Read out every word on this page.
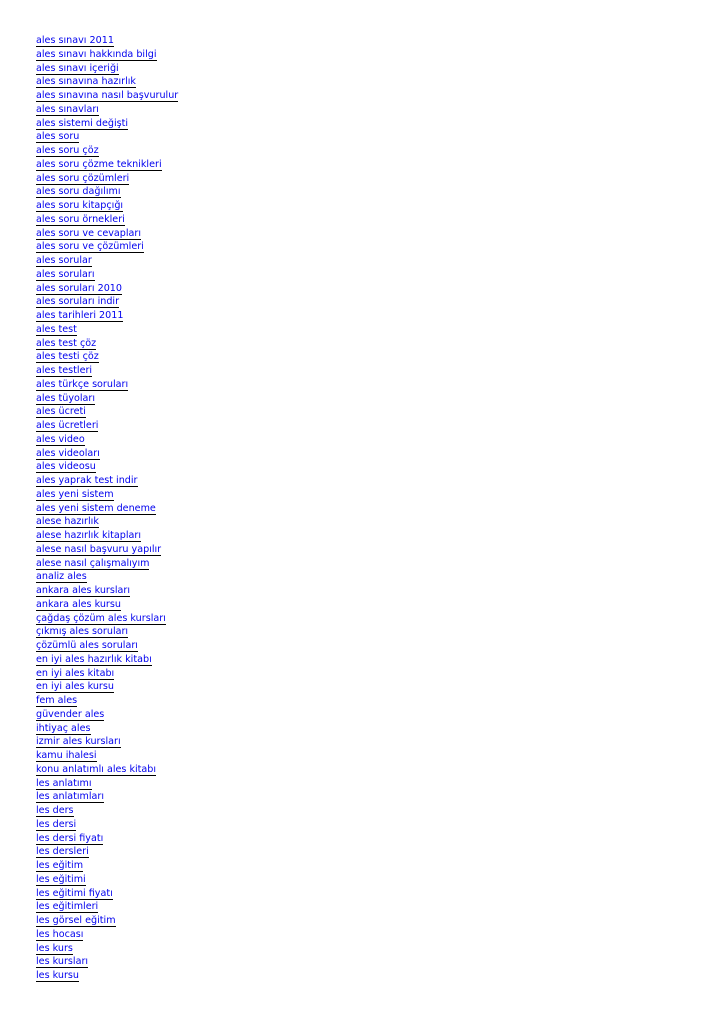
ales sınavı 2011
ales sınavı hakkında bilgi
ales sınavı içeriği
ales sınavına hazırlık
ales sınavına nasıl başvurulur
ales sınavları
ales sistemi değişti
ales soru
ales soru çöz
ales soru çözme teknikleri
ales soru çözümleri
ales soru dağılımı
ales soru kitapçığı
ales soru örnekleri
ales soru ve cevapları
ales soru ve çözümleri
ales sorular
ales soruları
ales soruları 2010
ales soruları indir
ales tarihleri 2011
ales test
ales test çöz
ales testi çöz
ales testleri
ales türkçe soruları
ales tüyoları
ales ücreti
ales ücretleri
ales video
ales videoları
ales videosu
ales yaprak test indir
ales yeni sistem
ales yeni sistem deneme
alese hazırlık
alese hazırlık kitapları
alese nasıl başvuru yapılır
alese nasıl çalışmalıyım
analiz ales
ankara ales kursları
ankara ales kursu
çağdaş çözüm ales kursları
çıkmış ales soruları
çözümlü ales soruları
en iyi ales hazırlık kitabı
en iyi ales kitabı
en iyi ales kursu
fem ales
güvender ales
ihtiyaç ales
izmir ales kursları
kamu ihalesi
konu anlatımlı ales kitabı
les anlatımı
les anlatımları
les ders
les dersi
les dersi fiyatı
les dersleri
les eğitim
les eğitimi
les eğitimi fiyatı
les eğitimleri
les görsel eğitim
les hocası
les kurs
les kursları
les kursu
